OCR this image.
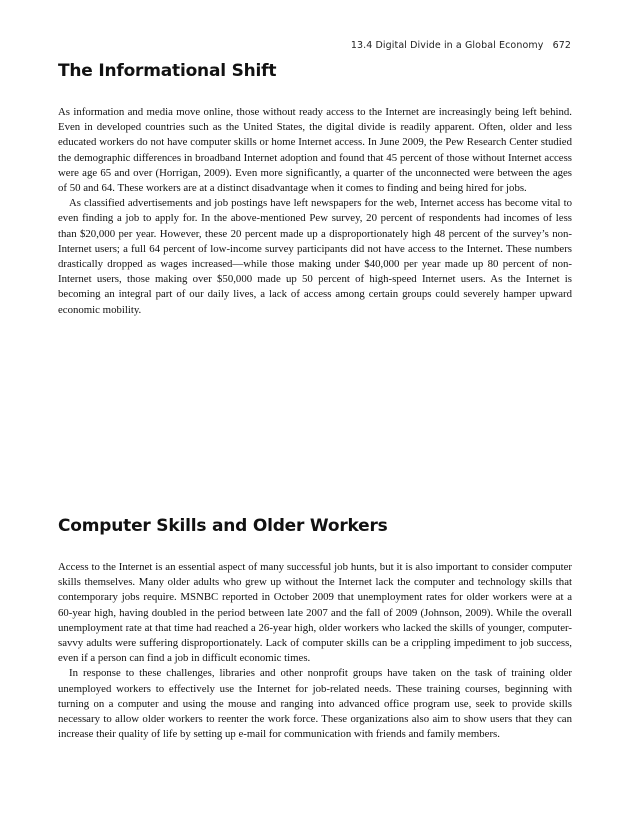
13.4 Digital Divide in a Global Economy 672
The Informational Shift

As information and media move online, those without ready access to the Internet are increasingly being left behind. Even in developed countries such as the United States, the digital divide is readily apparent. Often, older and less educated workers do not have computer skills or home Internet access. In June 2009, the Pew Research Center studied the demographic differences in broadband Internet adoption and found that 45 percent of those without Internet access were age 65 and over (Horrigan, 2009). Even more significantly, a quarter of the unconnected were between the ages of 50 and 64. These workers are at a distinct disadvantage when it comes to finding and being hired for jobs.

As classified advertisements and job postings have left newspapers for the web, Internet access has become vital to even finding a job to apply for. In the above-mentioned Pew survey, 20 percent of respondents had incomes of less than $20,000 per year. However, these 20 percent made up a disproportionately high 48 percent of the survey’s non-Internet users; a full 64 percent of low-income survey participants did not have access to the Internet. These numbers drastically dropped as wages increased—while those making under $40,000 per year made up 80 percent of non-Internet users, those making over $50,000 made up 50 percent of high-speed Internet users. As the Internet is becoming an integral part of our daily lives, a lack of access among certain groups could severely hamper upward economic mobility.

Computer Skills and Older Workers

Access to the Internet is an essential aspect of many successful job hunts, but it is also important to consider computer skills themselves. Many older adults who grew up without the Internet lack the computer and technology skills that contemporary jobs require. MSNBC reported in October 2009 that unemployment rates for older workers were at a 60-year high, having doubled in the period between late 2007 and the fall of 2009 (Johnson, 2009). While the overall unemployment rate at that time had reached a 26-year high, older workers who lacked the skills of younger, computer-savvy adults were suffering disproportionately. Lack of computer skills can be a crippling impediment to job success, even if a person can find a job in difficult economic times.

In response to these challenges, libraries and other nonprofit groups have taken on the task of training older unemployed workers to effectively use the Internet for job-related needs. These training courses, beginning with turning on a computer and using the mouse and ranging into advanced office program use, seek to provide skills necessary to allow older workers to reenter the work force. These organizations also aim to show users that they can increase their quality of life by setting up e-mail for communication with friends and family members.
